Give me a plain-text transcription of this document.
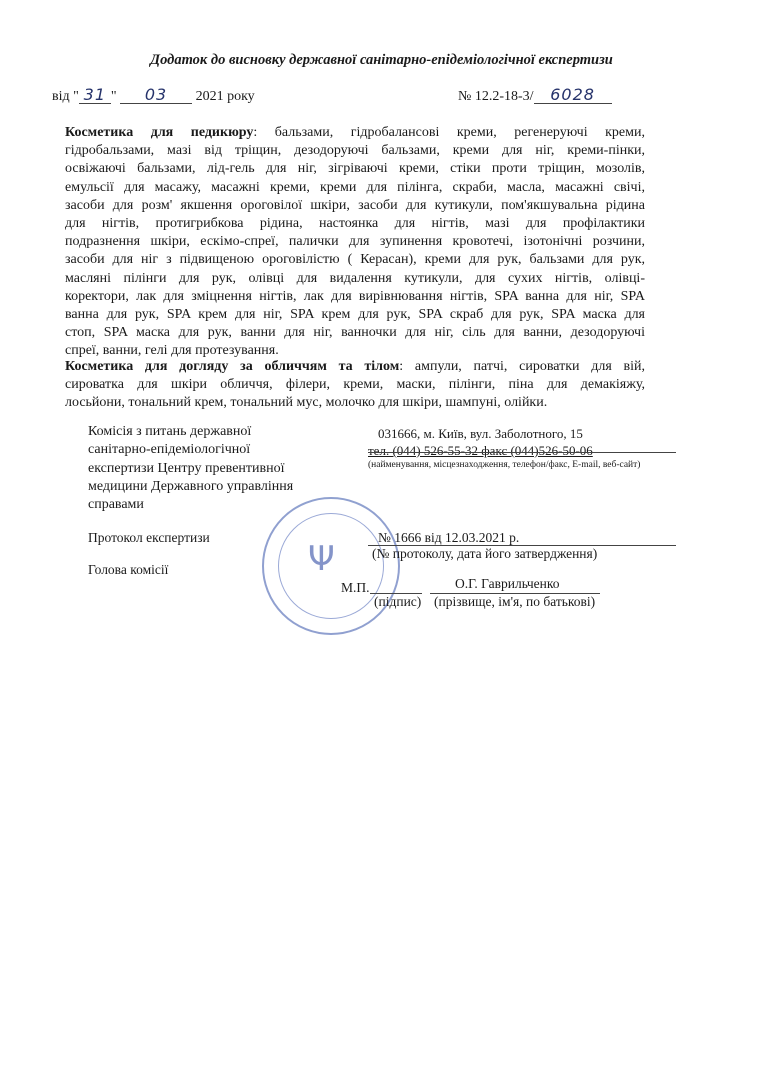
Додаток до висновку державної санітарно-епідеміологічної експертизи
від " 31 " 03 2021 року	№ 12.2-18-3/ 6028
Косметика для педикюру: бальзами, гідробалансові креми, регенеруючі креми,
гідробальзами, мазі від тріщин, дезодоруючі бальзами, креми для ніг, креми-пінки,
освіжаючі бальзами, лід-гель для ніг, зігріваючі креми, стіки проти тріщин, мозолів,
емульсії для масажу, масажні креми, креми для пілінга, скраби, масла, масажні свічі,
засоби для розм' якшення ороговілої шкіри, засоби для кутикули, пом'якшувальна рідина
для нігтів, протигрибкова рідина, настоянка для нігтів, мазі для профілактики
подразнення шкіри, ескімо-спреї, палички для зупинення кровотечі, ізотонічні розчини,
засоби для ніг з підвищеною ороговілістю ( Керасан), креми для рук, бальзами для рук,
масляні пілінги для рук, олівці для видалення кутикули, для сухих нігтів, олівці-
коректори, лак для зміцнення нігтів, лак для вирівнювання нігтів, SPA ванна для ніг, SPA
ванна для рук, SPA крем для ніг, SPA крем для рук, SPA скраб для рук, SPA маска для
стоп, SPA маска для рук, ванни для ніг, ванночки для ніг, сіль для ванни, дезодоруючі
спреї, ванни, гелі для протезування.
Косметика для догляду за обличчям та тілом: ампули, патчі, сироватки для вій,
сироватка для шкіри обличчя, філери, креми, маски, пілінги, піна для демакіяжу,
лосьйони, тональний крем, тональний мус, молочко для шкіри, шампуні, олійки.
Комісія з питань державної
санітарно-епідеміологічної
експертизи Центру превентивної
медицини Державного управління
справами
031666, м. Київ, вул. Заболотного, 15
тел. (044) 526-55-32 факс (044)526-50-06
(найменування, місцезнаходження, телефон/факс, E-mail, веб-сайт)
Ψ
Протокол експертизи	№ 1666 від 12.03.2021 р.
(№ протоколу, дата його затвердження)
Голова комісії
М.П.	О.Г. Гаврильченко
(підпис) (прізвище, ім'я, по батькові)
